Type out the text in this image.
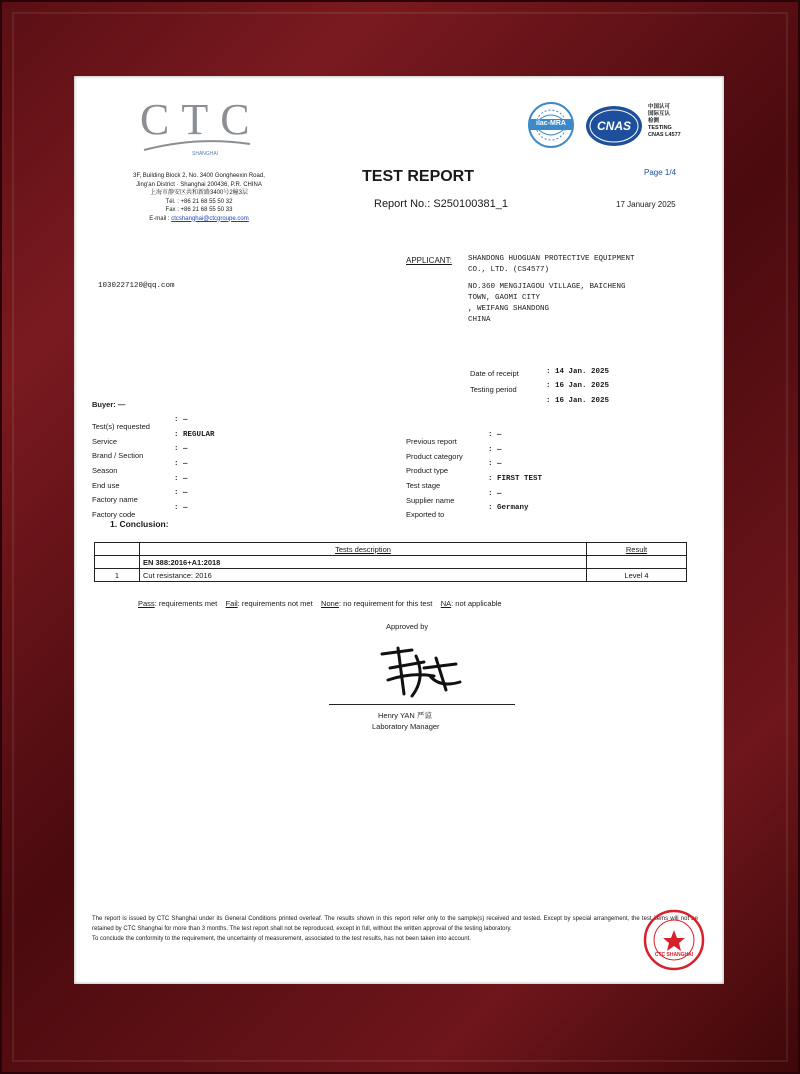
CTC
SHANGHAI
3F, Building Block 2, No. 3400 Gongheexin Road,
Jing'an District · Shanghai 200436, P.R. CHINA
上海市静安区共和新路3400号2幢3层
Tél. : +86 21 68 55 50 32
Fax : +86 21 68 55 50 33
E-mail : ctcshanghai@ctcgroupe.com
ilac-MRA	CNAS
中国认可
国际互认
检测
TESTING
CNAS L4577
TEST REPORT	Page 1/4
Report No.: S250100381_1	17 January 2025
APPLICANT: SHANDONG HUOGUAN PROTECTIVE EQUIPMENT
CO., LTD. (CS4577)
NO.360 MENGJIAGOU VILLAGE, BAICHENG
TOWN, GAOMI CITY
, WEIFANG SHANDONG
CHINA
1030227120@qq.com
Date of receipt	: 14 Jan. 2025
Testing period	: 16 Jan. 2025
: 16 Jan. 2025
Buyer: —
Test(s) requested
: —
Service
: REGULAR
Brand / Section
: —
Season
: —
End use
: —
Factory name
: —
Factory code
: —
Previous report
: —
Product category
: —
Product type
: —
Test stage
: FIRST TEST
Supplier name
: —
Exported to
: Germany
1. Conclusion:
	Tests description	Result
	EN 388:2016+A1:2018	
1	Cut resistance: 2016	Level 4
Pass: requirements met Fail: requirements not met None: no requirement for this test NA: not applicable
Approved by
Henry YAN 严谅
Laboratory Manager
The report is issued by CTC Shanghai under its General Conditions printed overleaf. The results shown in this report refer only to the sample(s) received and tested. Except by special arrangement, the test items will not be retained by CTC Shanghai for more than 3 months. The test report shall not be reproduced, except in full, without the written approval of the testing laboratory.
To conclude the conformity to the requirement, the uncertainty of measurement, associated to the test results, has not been taken into account.
CTC SHANGHAI
